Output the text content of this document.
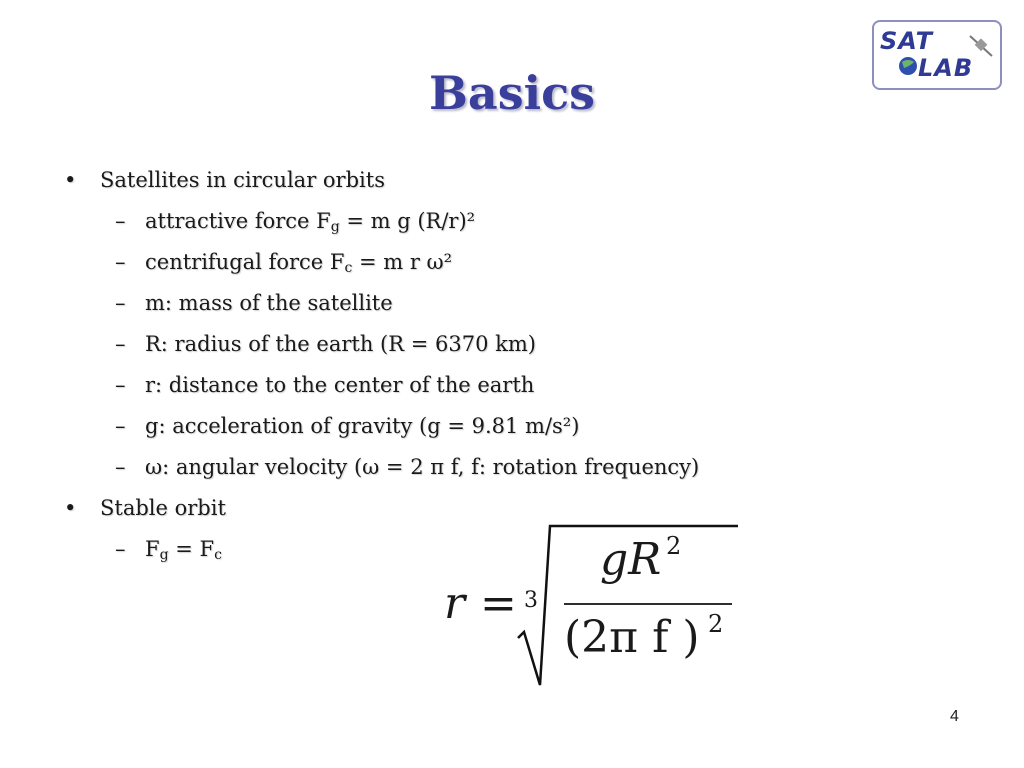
SAT
LAB
Basics
• Satellites in circular orbits
– attractive force $F_g = m$ g (R/r)²
– centrifugal force $F_c = m$ r ω²
– m: mass of the satellite
– R: radius of the earth (R = 6370 km)
– r: distance to the center of the earth
– g: acceleration of gravity (g = 9.81 m/s²)
– ω: angular velocity (ω = 2 π f, f: rotation frequency)
• Stable orbit
– $F_g = F_c$
r = 3
gR 2
(2π f ) 2
4
